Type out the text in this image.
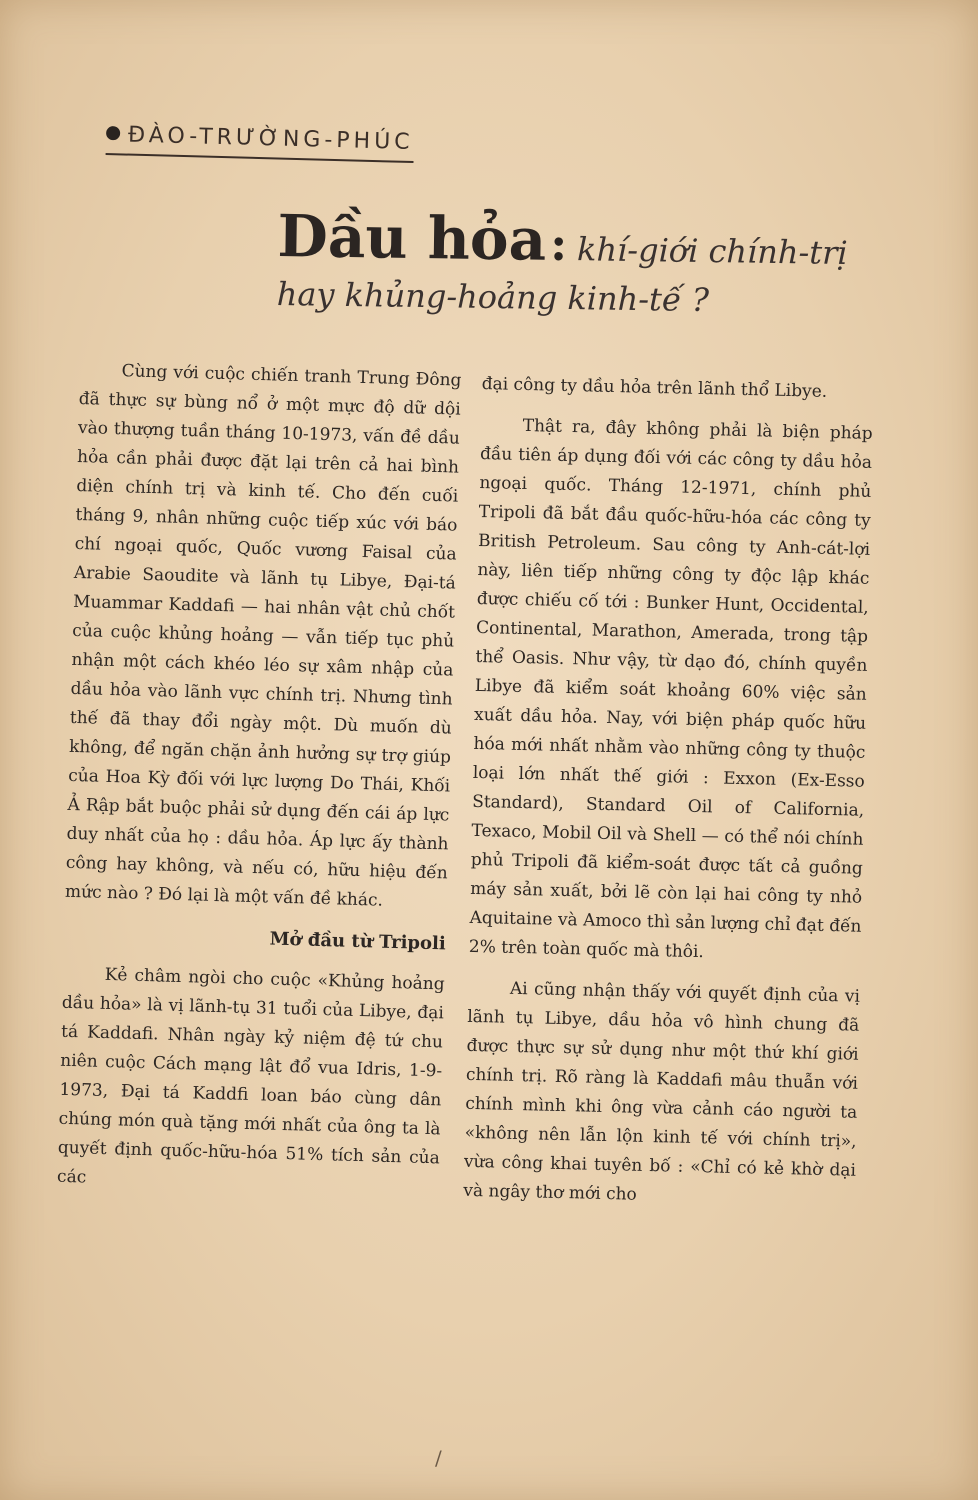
ĐÀO-TRƯỜNG-PHÚC
Dầu hỏa: khí-giới chính-trị
hay khủng-hoảng kinh-tế ?

Cùng với cuộc chiến tranh Trung Đông đã thực sự bùng nổ ở một mực độ dữ dội vào thượng tuần tháng 10-1973, vấn đề dầu hỏa cần phải được đặt lại trên cả hai bình diện chính trị và kinh tế. Cho đến cuối tháng 9, nhân những cuộc tiếp xúc với báo chí ngoại quốc, Quốc vương Faisal của Arabie Saoudite và lãnh tụ Libye, Đại-tá Muammar Kaddafi — hai nhân vật chủ chốt của cuộc khủng hoảng — vẫn tiếp tục phủ nhận một cách khéo léo sự xâm nhập của dầu hỏa vào lãnh vực chính trị. Nhưng tình thế đã thay đổi ngày một. Dù muốn dù không, để ngăn chặn ảnh hưởng sự trợ giúp của Hoa Kỳ đối với lực lượng Do Thái, Khối Ả Rập bắt buộc phải sử dụng đến cái áp lực duy nhất của họ : dầu hỏa. Áp lực ấy thành công hay không, và nếu có, hữu hiệu đến mức nào ? Đó lại là một vấn đề khác.

Mở đầu từ Tripoli

Kẻ châm ngòi cho cuộc «Khủng hoảng dầu hỏa» là vị lãnh-tụ 31 tuổi của Libye, đại tá Kaddafi. Nhân ngày kỷ niệm đệ tứ chu niên cuộc Cách mạng lật đổ vua Idris, 1-9-1973, Đại tá Kaddfi loan báo cùng dân chúng món quà tặng mới nhất của ông ta là quyết định quốc-hữu-hóa 51% tích sản của các

đại công ty dầu hỏa trên lãnh thổ Libye.

Thật ra, đây không phải là biện pháp đầu tiên áp dụng đối với các công ty dầu hỏa ngoại quốc. Tháng 12-1971, chính phủ Tripoli đã bắt đầu quốc-hữu-hóa các công ty British Petroleum. Sau công ty Anh-cát-lợi này, liên tiếp những công ty độc lập khác được chiếu cố tới : Bunker Hunt, Occidental, Continental, Marathon, Amerada, trong tập thể Oasis. Như vậy, từ dạo đó, chính quyền Libye đã kiểm soát khoảng 60% việc sản xuất dầu hỏa. Nay, với biện pháp quốc hữu hóa mới nhất nhằm vào những công ty thuộc loại lớn nhất thế giới : Exxon (Ex-Esso Standard), Standard Oil of California, Texaco, Mobil Oil và Shell — có thể nói chính phủ Tripoli đã kiểm-soát được tất cả guồng máy sản xuất, bởi lẽ còn lại hai công ty nhỏ Aquitaine và Amoco thì sản lượng chỉ đạt đến 2% trên toàn quốc mà thôi.

Ai cũng nhận thấy với quyết định của vị lãnh tụ Libye, dầu hỏa vô hình chung đã được thực sự sử dụng như một thứ khí giới chính trị. Rõ ràng là Kaddafi mâu thuẫn với chính mình khi ông vừa cảnh cáo người ta «không nên lẫn lộn kinh tế với chính trị», vừa công khai tuyên bố : «Chỉ có kẻ khờ dại và ngây thơ mới cho

/
